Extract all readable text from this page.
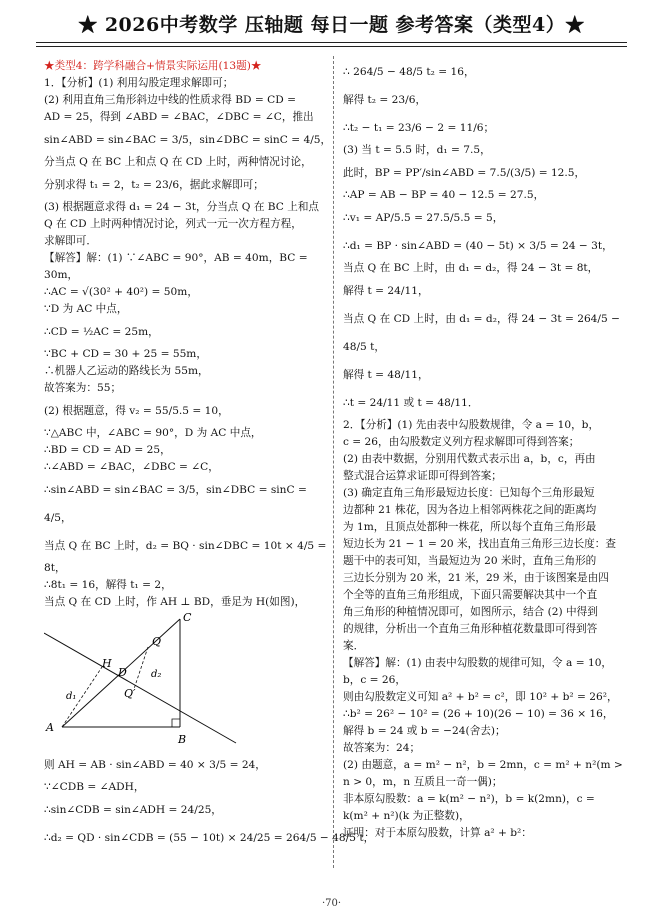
★ 2026中考数学 压轴题 每日一题 参考答案（类型4）★
★类型4：跨学科融合+情景实际运用(13题)★
1．【分析】(1) 利用勾股定理求解即可；
(2) 利用直角三角形斜边中线的性质求得 BD = CD =
AD = 25，得到 ∠ABD = ∠BAC，∠DBC = ∠C，推出
sin∠ABD = sin∠BAC = 3/5，sin∠DBC = sinC = 4/5，
分当点 Q 在 BC 上和点 Q 在 CD 上时，两种情况讨论，
分别求得 t₁ = 2，t₂ = 23/6，据此求解即可；
(3) 根据题意求得 d₁ = 24 − 3t，分当点 Q 在 BC 上和点
Q 在 CD 上时两种情况讨论，列式一元一次方程方程，
求解即可．
【解答】解：(1) ∵∠ABC = 90°，AB = 40m，BC =
30m，
∴AC = √(30² + 40²) = 50m，
∵D 为 AC 中点，
∴CD = ½AC = 25m，
∵BC + CD = 30 + 25 = 55m，
∴机器人乙运动的路线长为 55m，
故答案为：55；
(2) 根据题意，得 v₂ = 55/5.5 = 10，
∵△ABC 中，∠ABC = 90°，D 为 AC 中点，
∴BD = CD = AD = 25，
∴∠ABD = ∠BAC，∠DBC = ∠C，
∴sin∠ABD = sin∠BAC = 3/5，sin∠DBC = sinC =
4/5，
当点 Q 在 BC 上时，d₂ = BQ · sin∠DBC = 10t × 4/5 =
8t，
∴8t₁ = 16，解得 t₁ = 2，
当点 Q 在 CD 上时，作 AH ⊥ BD，垂足为 H(如图)，
A
B
C
D
H
Q
Q′
d₁
d₂
则 AH = AB · sin∠ABD = 40 × 3/5 = 24，
∵∠CDB = ∠ADH，
∴sin∠CDB = sin∠ADH = 24/25，
∴d₂ = QD · sin∠CDB = (55 − 10t) × 24/25 = 264/5 − 48/5 t，
∴ 264/5 − 48/5 t₂ = 16，
解得 t₂ = 23/6，
∴t₂ − t₁ = 23/6 − 2 = 11/6；
(3) 当 t = 5.5 时，d₁ = 7.5，
此时，BP = PP′/sin∠ABD = 7.5/(3/5) = 12.5，
∴AP = AB − BP = 40 − 12.5 = 27.5，
∴v₁ = AP/5.5 = 27.5/5.5 = 5，
∴d₁ = BP · sin∠ABD = (40 − 5t) × 3/5 = 24 − 3t，
当点 Q 在 BC 上时，由 d₁ = d₂，得 24 − 3t = 8t，
解得 t = 24/11，
当点 Q 在 CD 上时，由 d₁ = d₂，得 24 − 3t = 264/5 −
48/5 t，
解得 t = 48/11，
∴t = 24/11 或 t = 48/11．
2．【分析】(1) 先由表中勾股数规律，令 a = 10，b，
c = 26，由勾股数定义列方程求解即可得到答案；
(2) 由表中数据，分别用代数式表示出 a，b，c，再由
整式混合运算求证即可得到答案；
(3) 确定直角三角形最短边长度：已知每个三角形最短
边都种 21 株花，因为各边上相邻两株花之间的距离均
为 1m，且顶点处都种一株花，所以每个直角三角形最
短边长为 21 − 1 = 20 米，找出直角三角形三边长度：查
题干中的表可知，当最短边为 20 米时，直角三角形的
三边长分别为 20 米，21 米，29 米，由于该图案是由四
个全等的直角三角形组成，下面只需要解决其中一个直
角三角形的种植情况即可，如图所示，结合 (2) 中得到
的规律，分析出一个直角三角形种植花数量即可得到答
案．
【解答】解：(1) 由表中勾股数的规律可知，令 a = 10，
b，c = 26，
则由勾股数定义可知 a² + b² = c²，即 10² + b² = 26²，
∴b² = 26² − 10² = (26 + 10)(26 − 10) = 36 × 16，
解得 b = 24 或 b = −24(舍去)；
故答案为：24；
(2) 由题意，a = m² − n²，b = 2mn，c = m² + n²(m >
n > 0，m，n 互质且一奇一偶)；
非本原勾股数：a = k(m² − n²)，b = k(2mn)，c =
k(m² + n²)(k 为正整数)，
证明：对于本原勾股数，计算 a² + b²：
·70·
